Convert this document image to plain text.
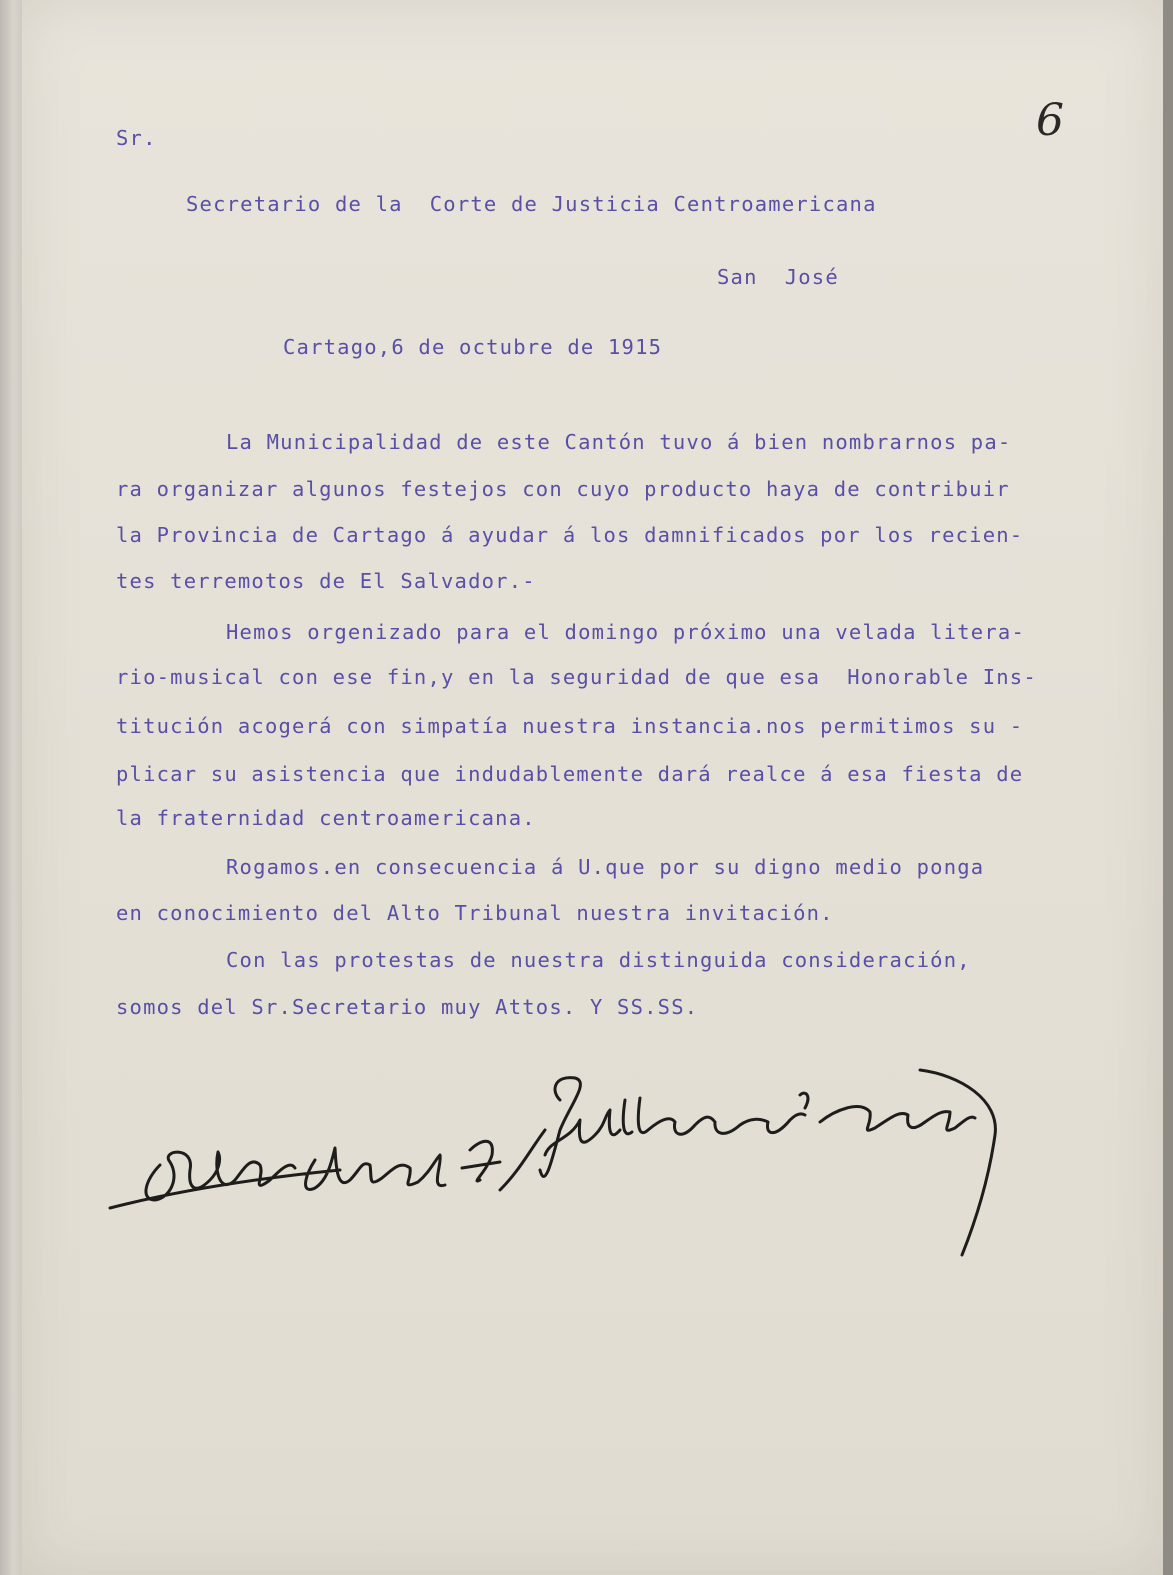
6
Sr.
Secretario de la  Corte de Justicia Centroamericana
San  José
Cartago,6 de octubre de 1915
La Municipalidad de este Cantón tuvo á bien nombrarnos pa-
ra organizar algunos festejos con cuyo producto haya de contribuir
la Provincia de Cartago á ayudar á los damnificados por los recien-
tes terremotos de El Salvador.-
Hemos orgenizado para el domingo próximo una velada litera-
rio-musical con ese fin,y en la seguridad de que esa  Honorable Ins-
titución acogerá con simpatía nuestra instancia.nos permitimos su -
plicar su asistencia que indudablemente dará realce á esa fiesta de
la fraternidad centroamericana.
Rogamos.en consecuencia á U.que por su digno medio ponga
en conocimiento del Alto Tribunal nuestra invitación.
Con las protestas de nuestra distinguida consideración,
somos del Sr.Secretario muy Attos. Y SS.SS.
